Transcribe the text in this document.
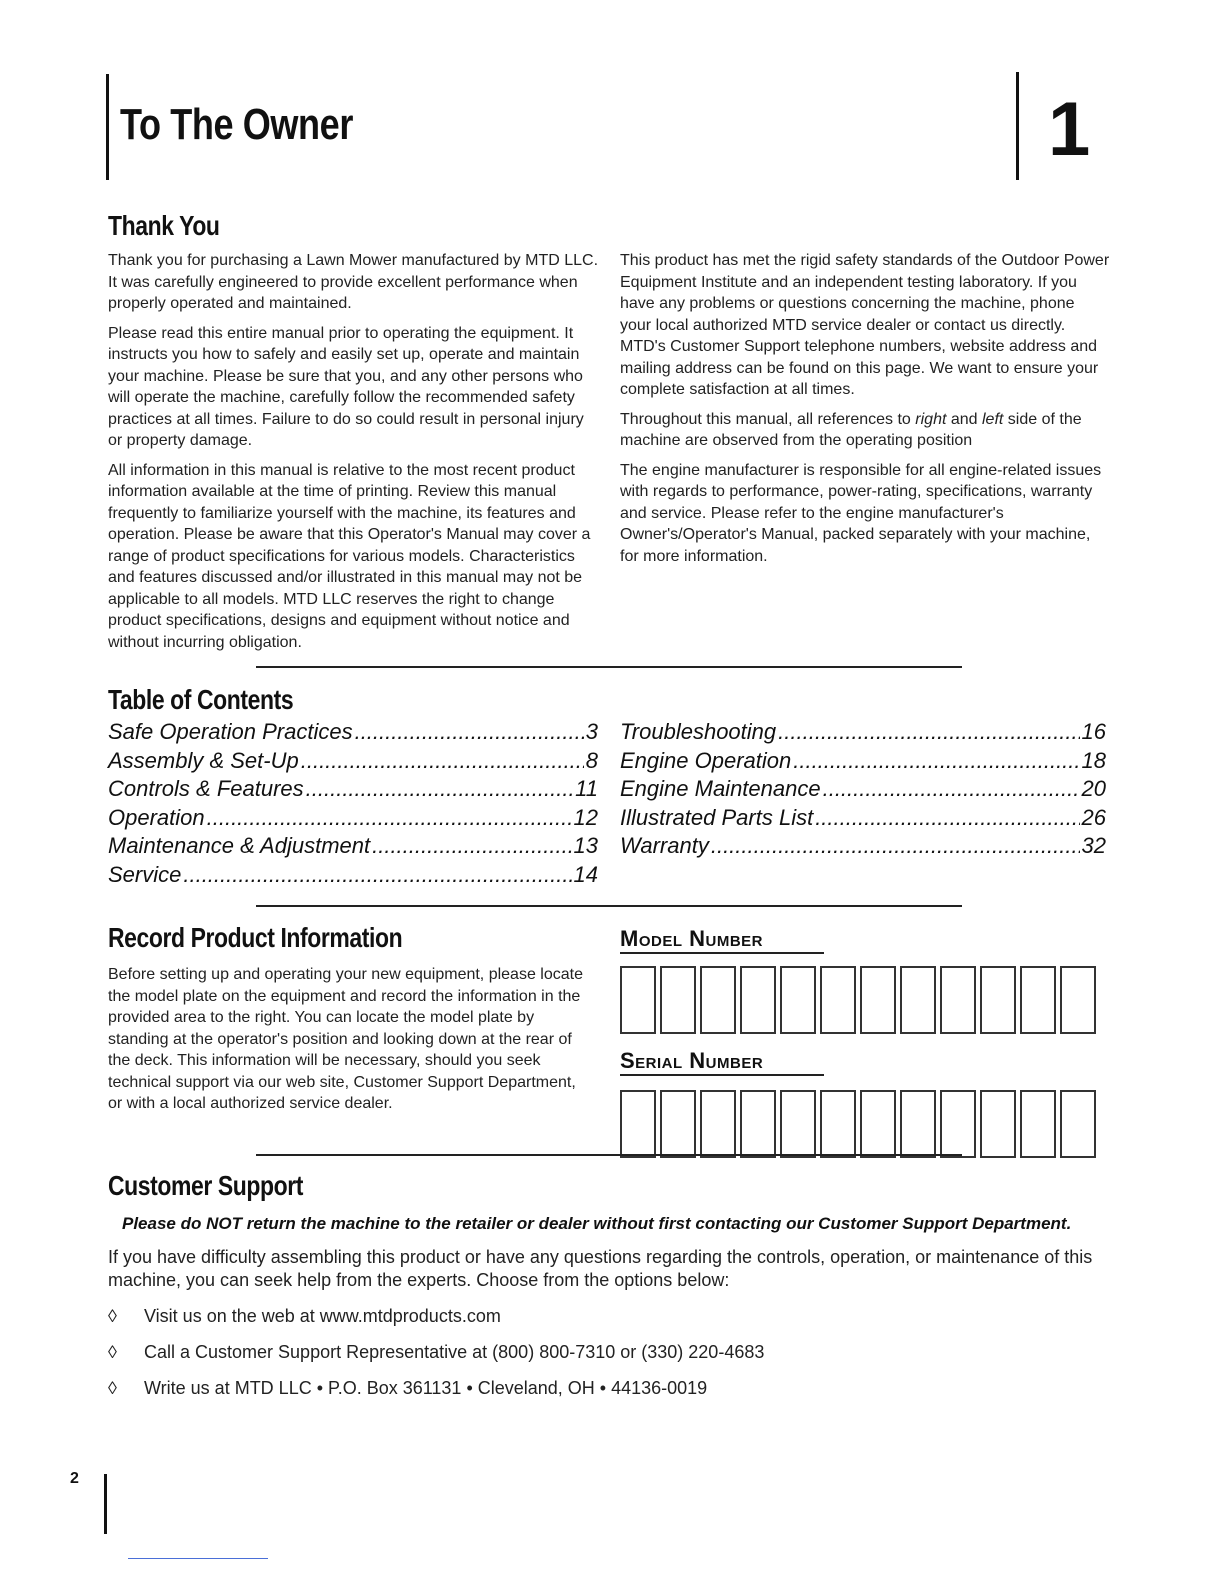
To The Owner	1
Thank You

Thank you for purchasing a Lawn Mower manufactured by MTD LLC. It was carefully engineered to provide excellent performance when properly operated and maintained.

Please read this entire manual prior to operating the equipment. It instructs you how to safely and easily set up, operate and maintain your machine. Please be sure that you, and any other persons who will operate the machine, carefully follow the recommended safety practices at all times. Failure to do so could result in personal injury or property damage.

All information in this manual is relative to the most recent product information available at the time of printing. Review this manual frequently to familiarize yourself with the machine, its features and operation. Please be aware that this Operator's Manual may cover a range of product specifications for various models. Characteristics and features discussed and/or illustrated in this manual may not be applicable to all models. MTD LLC reserves the right to change product specifications, designs and equipment without notice and without incurring obligation.

This product has met the rigid safety standards of the Outdoor Power Equipment Institute and an independent testing laboratory. If you have any problems or questions concerning the machine, phone your local authorized MTD service dealer or contact us directly. MTD's Customer Support telephone numbers, website address and mailing address can be found on this page. We want to ensure your complete satisfaction at all times.

Throughout this manual, all references to right and left side of the machine are observed from the operating position

The engine manufacturer is responsible for all engine-related issues with regards to performance, power-rating, specifications, warranty and service. Please refer to the engine manufacturer's Owner's/Operator's Manual, packed separately with your machine, for more information.

Table of Contents
Safe Operation Practices .....	3
Assembly & Set-Up .....	8
Controls & Features .....	11
Operation .....	12
Maintenance & Adjustment .....	13
Service .....	14
Troubleshooting .....	16
Engine Operation .....	18
Engine Maintenance .....	20
Illustrated Parts List .....	26
Warranty .....	32
Record Product Information
Before setting up and operating your new equipment, please locate the model plate on the equipment and record the information in the provided area to the right. You can locate the model plate by standing at the operator's position and looking down at the rear of the deck. This information will be necessary, should you seek technical support via our web site, Customer Support Department, or with a local authorized service dealer.
Model Number
Serial Number
Customer Support
Please do NOT return the machine to the retailer or dealer without first contacting our Customer Support Department.
If you have difficulty assembling this product or have any questions regarding the controls, operation, or maintenance of this machine, you can seek help from the experts. Choose from the options below:
◊	Visit us on the web at www.mtdproducts.com
◊	Call a Customer Support Representative at (800) 800-7310 or (330) 220-4683
◊	Write us at MTD LLC • P.O. Box 361131 • Cleveland, OH • 44136-0019
2
